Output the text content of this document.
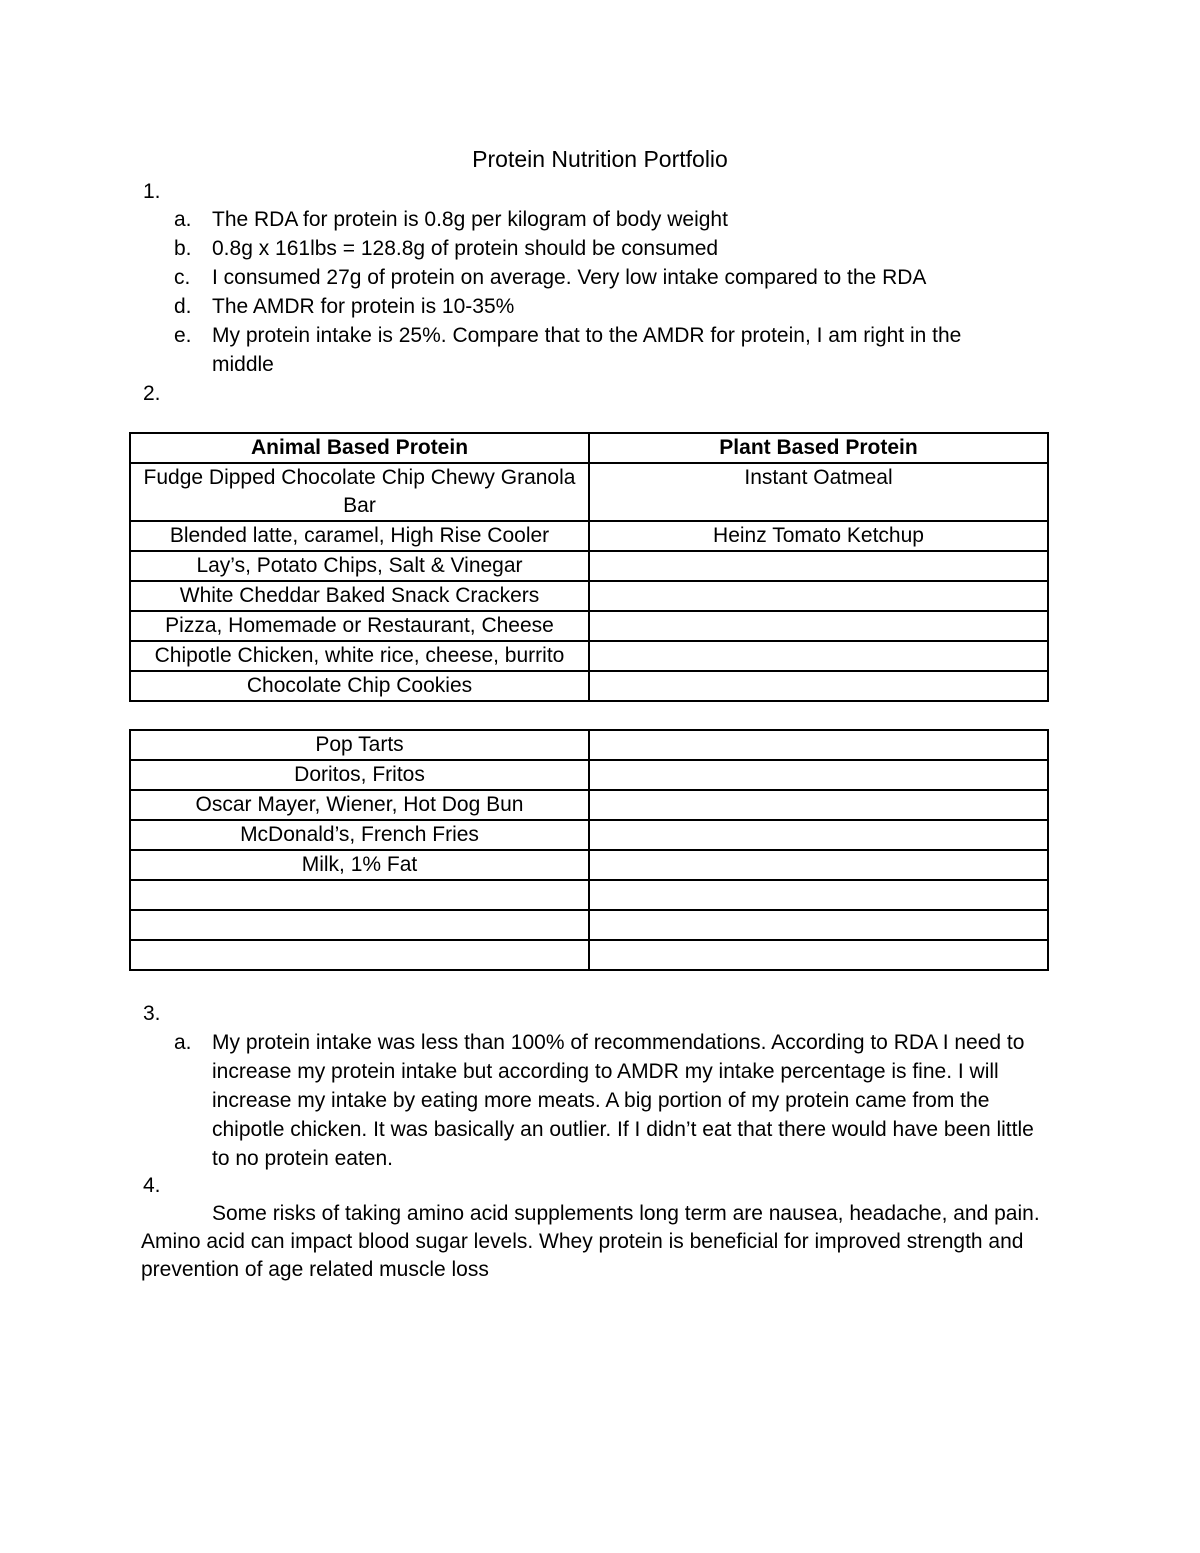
Protein Nutrition Portfolio
1.
a. The RDA for protein is 0.8g per kilogram of body weight
b. 0.8g x 161lbs = 128.8g of protein should be consumed
c.	I consumed 27g of protein on average. Very low intake compared to the RDA
d. The AMDR for protein is 10-35%
e. My protein intake is 25%. Compare that to the AMDR for protein, I am right in the middle
2.
Animal Based Protein	Plant Based Protein
Fudge Dipped Chocolate Chip Chewy Granola Bar	Instant Oatmeal
Blended latte, caramel, High Rise Cooler	Heinz Tomato Ketchup
Lay’s, Potato Chips, Salt & Vinegar	
White Cheddar Baked Snack Crackers	
Pizza, Homemade or Restaurant, Cheese	
Chipotle Chicken, white rice, cheese, burrito	
Chocolate Chip Cookies	
Pop Tarts	
Doritos, Fritos	
Oscar Mayer, Wiener, Hot Dog Bun	
McDonald’s, French Fries	
Milk, 1% Fat	

3.
a. My protein intake was less than 100% of recommendations. According to RDA I need to increase my protein intake but according to AMDR my intake percentage is fine. I will increase my intake by eating more meats. A big portion of my protein came from the chipotle chicken. It was basically an outlier. If I didn’t eat that there would have been little to no protein eaten.
4.
Some risks of taking amino acid supplements long term are nausea, headache, and pain. Amino acid can impact blood sugar levels. Whey protein is beneficial for improved strength and prevention of age related muscle loss
